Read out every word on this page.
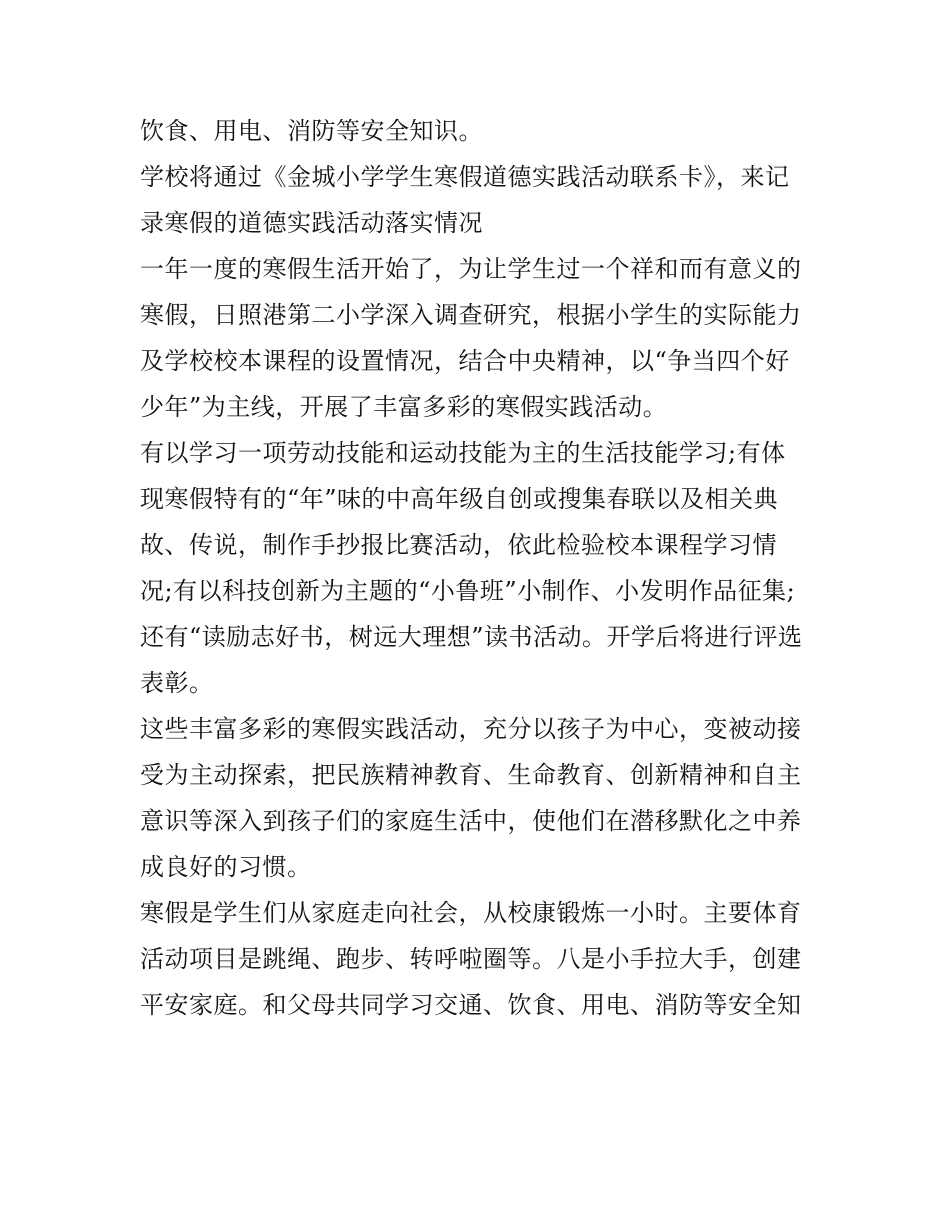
饮食、用电、消防等安全知识。
学校将通过《金城小学学生寒假道德实践活动联系卡》，来记
录寒假的道德实践活动落实情况
一年一度的寒假生活开始了，为让学生过一个祥和而有意义的
寒假，日照港第二小学深入调查研究，根据小学生的实际能力
及学校校本课程的设置情况，结合中央精神，以“争当四个好
少年”为主线，开展了丰富多彩的寒假实践活动。
有以学习一项劳动技能和运动技能为主的生活技能学习;有体
现寒假特有的“年”味的中高年级自创或搜集春联以及相关典
故、传说，制作手抄报比赛活动，依此检验校本课程学习情
况;有以科技创新为主题的“小鲁班”小制作、小发明作品征集;
还有“读励志好书，树远大理想”读书活动。开学后将进行评选
表彰。
这些丰富多彩的寒假实践活动，充分以孩子为中心，变被动接
受为主动探索，把民族精神教育、生命教育、创新精神和自主
意识等深入到孩子们的家庭生活中，使他们在潜移默化之中养
成良好的习惯。
寒假是学生们从家庭走向社会，从校康锻炼一小时。主要体育
活动项目是跳绳、跑步、转呼啦圈等。八是小手拉大手，创建
平安家庭。和父母共同学习交通、饮食、用电、消防等安全知
